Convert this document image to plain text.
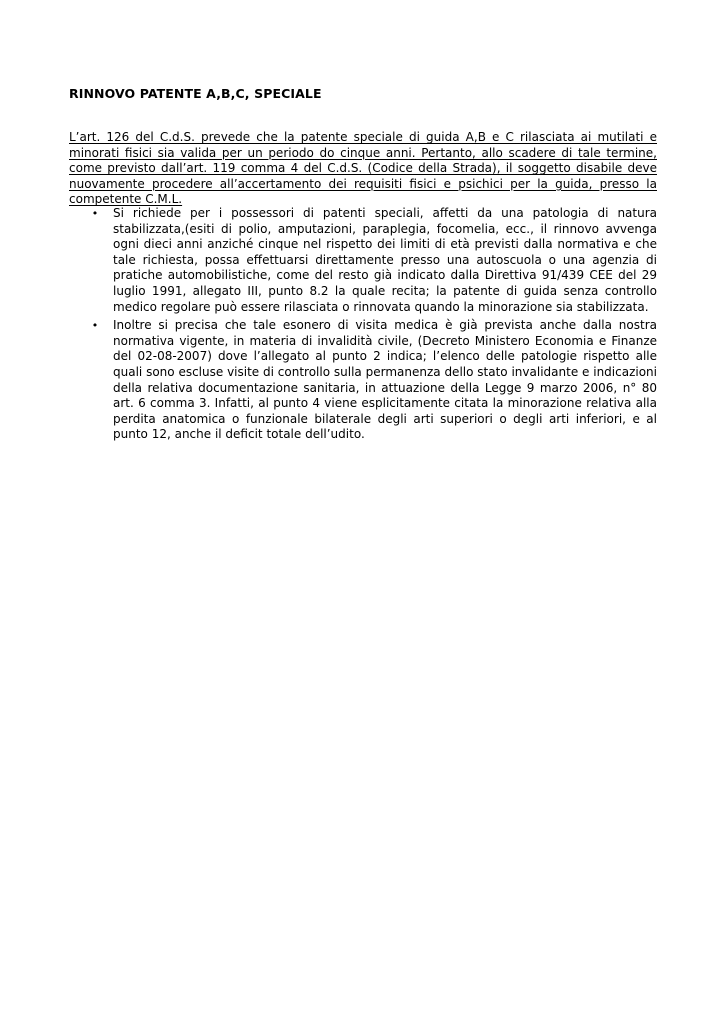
RINNOVO PATENTE A,B,C, SPECIALE

L’art. 126 del C.d.S. prevede che la patente speciale di guida A,B e C rilasciata ai mutilati e minorati fisici sia valida per un periodo do cinque anni. Pertanto, allo scadere di tale termine, come previsto dall’art. 119 comma 4 del C.d.S. (Codice della Strada), il soggetto disabile deve nuovamente procedere all’accertamento dei requisiti fisici e psichici per la guida, presso la competente C.M.L.

• Si richiede per i possessori di patenti speciali, affetti da una patologia di natura stabilizzata,(esiti di polio, amputazioni, paraplegia, focomelia, ecc., il rinnovo avvenga ogni dieci anni anziché cinque nel rispetto dei limiti di età previsti dalla normativa e che tale richiesta, possa effettuarsi direttamente presso una autoscuola o una agenzia di pratiche automobilistiche, come del resto già indicato dalla Direttiva 91/439 CEE del 29 luglio 1991, allegato III, punto 8.2 la quale recita; la patente di guida senza controllo medico regolare può essere rilasciata o rinnovata quando la minorazione sia stabilizzata.
• Inoltre si precisa che tale esonero di visita medica è già prevista anche dalla nostra normativa vigente, in materia di invalidità civile, (Decreto Ministero Economia e Finanze del 02-08-2007) dove l’allegato al punto 2 indica; l’elenco delle patologie rispetto alle quali sono escluse visite di controllo sulla permanenza dello stato invalidante e indicazioni della relativa documentazione sanitaria, in attuazione della Legge 9 marzo 2006, n° 80 art. 6 comma 3. Infatti, al punto 4 viene esplicitamente citata la minorazione relativa alla perdita anatomica o funzionale bilaterale degli arti superiori o degli arti inferiori, e al punto 12, anche il deficit totale dell’udito.
